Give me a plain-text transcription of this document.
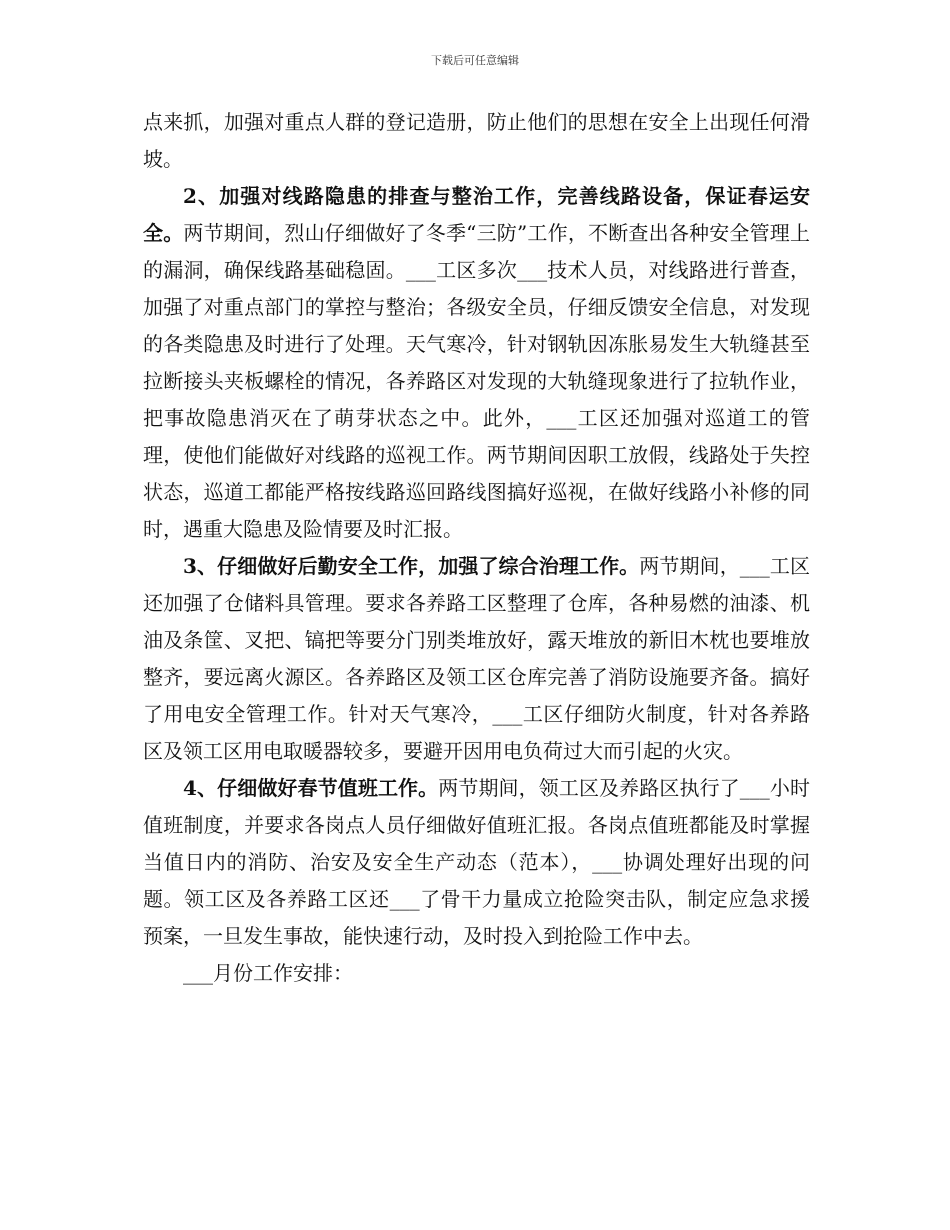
下载后可任意编辑

点来抓，加强对重点人群的登记造册，防止他们的思想在安全上出现任何滑坡。

2、加强对线路隐患的排查与整治工作，完善线路设备，保证春运安全。两节期间，烈山仔细做好了冬季“三防”工作，不断查出各种安全管理上的漏洞，确保线路基础稳固。___工区多次___技术人员，对线路进行普查，加强了对重点部门的掌控与整治；各级安全员，仔细反馈安全信息，对发现的各类隐患及时进行了处理。天气寒冷，针对钢轨因冻胀易发生大轨缝甚至拉断接头夹板螺栓的情况，各养路区对发现的大轨缝现象进行了拉轨作业，把事故隐患消灭在了萌芽状态之中。此外，___工区还加强对巡道工的管理，使他们能做好对线路的巡视工作。两节期间因职工放假，线路处于失控状态，巡道工都能严格按线路巡回路线图搞好巡视，在做好线路小补修的同时，遇重大隐患及险情要及时汇报。

3、仔细做好后勤安全工作，加强了综合治理工作。两节期间，___工区还加强了仓储料具管理。要求各养路工区整理了仓库，各种易燃的油漆、机油及条筐、叉把、镐把等要分门别类堆放好，露天堆放的新旧木枕也要堆放整齐，要远离火源区。各养路区及领工区仓库完善了消防设施要齐备。搞好了用电安全管理工作。针对天气寒冷，___工区仔细防火制度，针对各养路区及领工区用电取暖器较多，要避开因用电负荷过大而引起的火灾。

4、仔细做好春节值班工作。两节期间，领工区及养路区执行了___小时值班制度，并要求各岗点人员仔细做好值班汇报。各岗点值班都能及时掌握当值日内的消防、治安及安全生产动态（范本），___协调处理好出现的问题。领工区及各养路工区还___了骨干力量成立抢险突击队，制定应急求援预案，一旦发生事故，能快速行动，及时投入到抢险工作中去。

___月份工作安排：
